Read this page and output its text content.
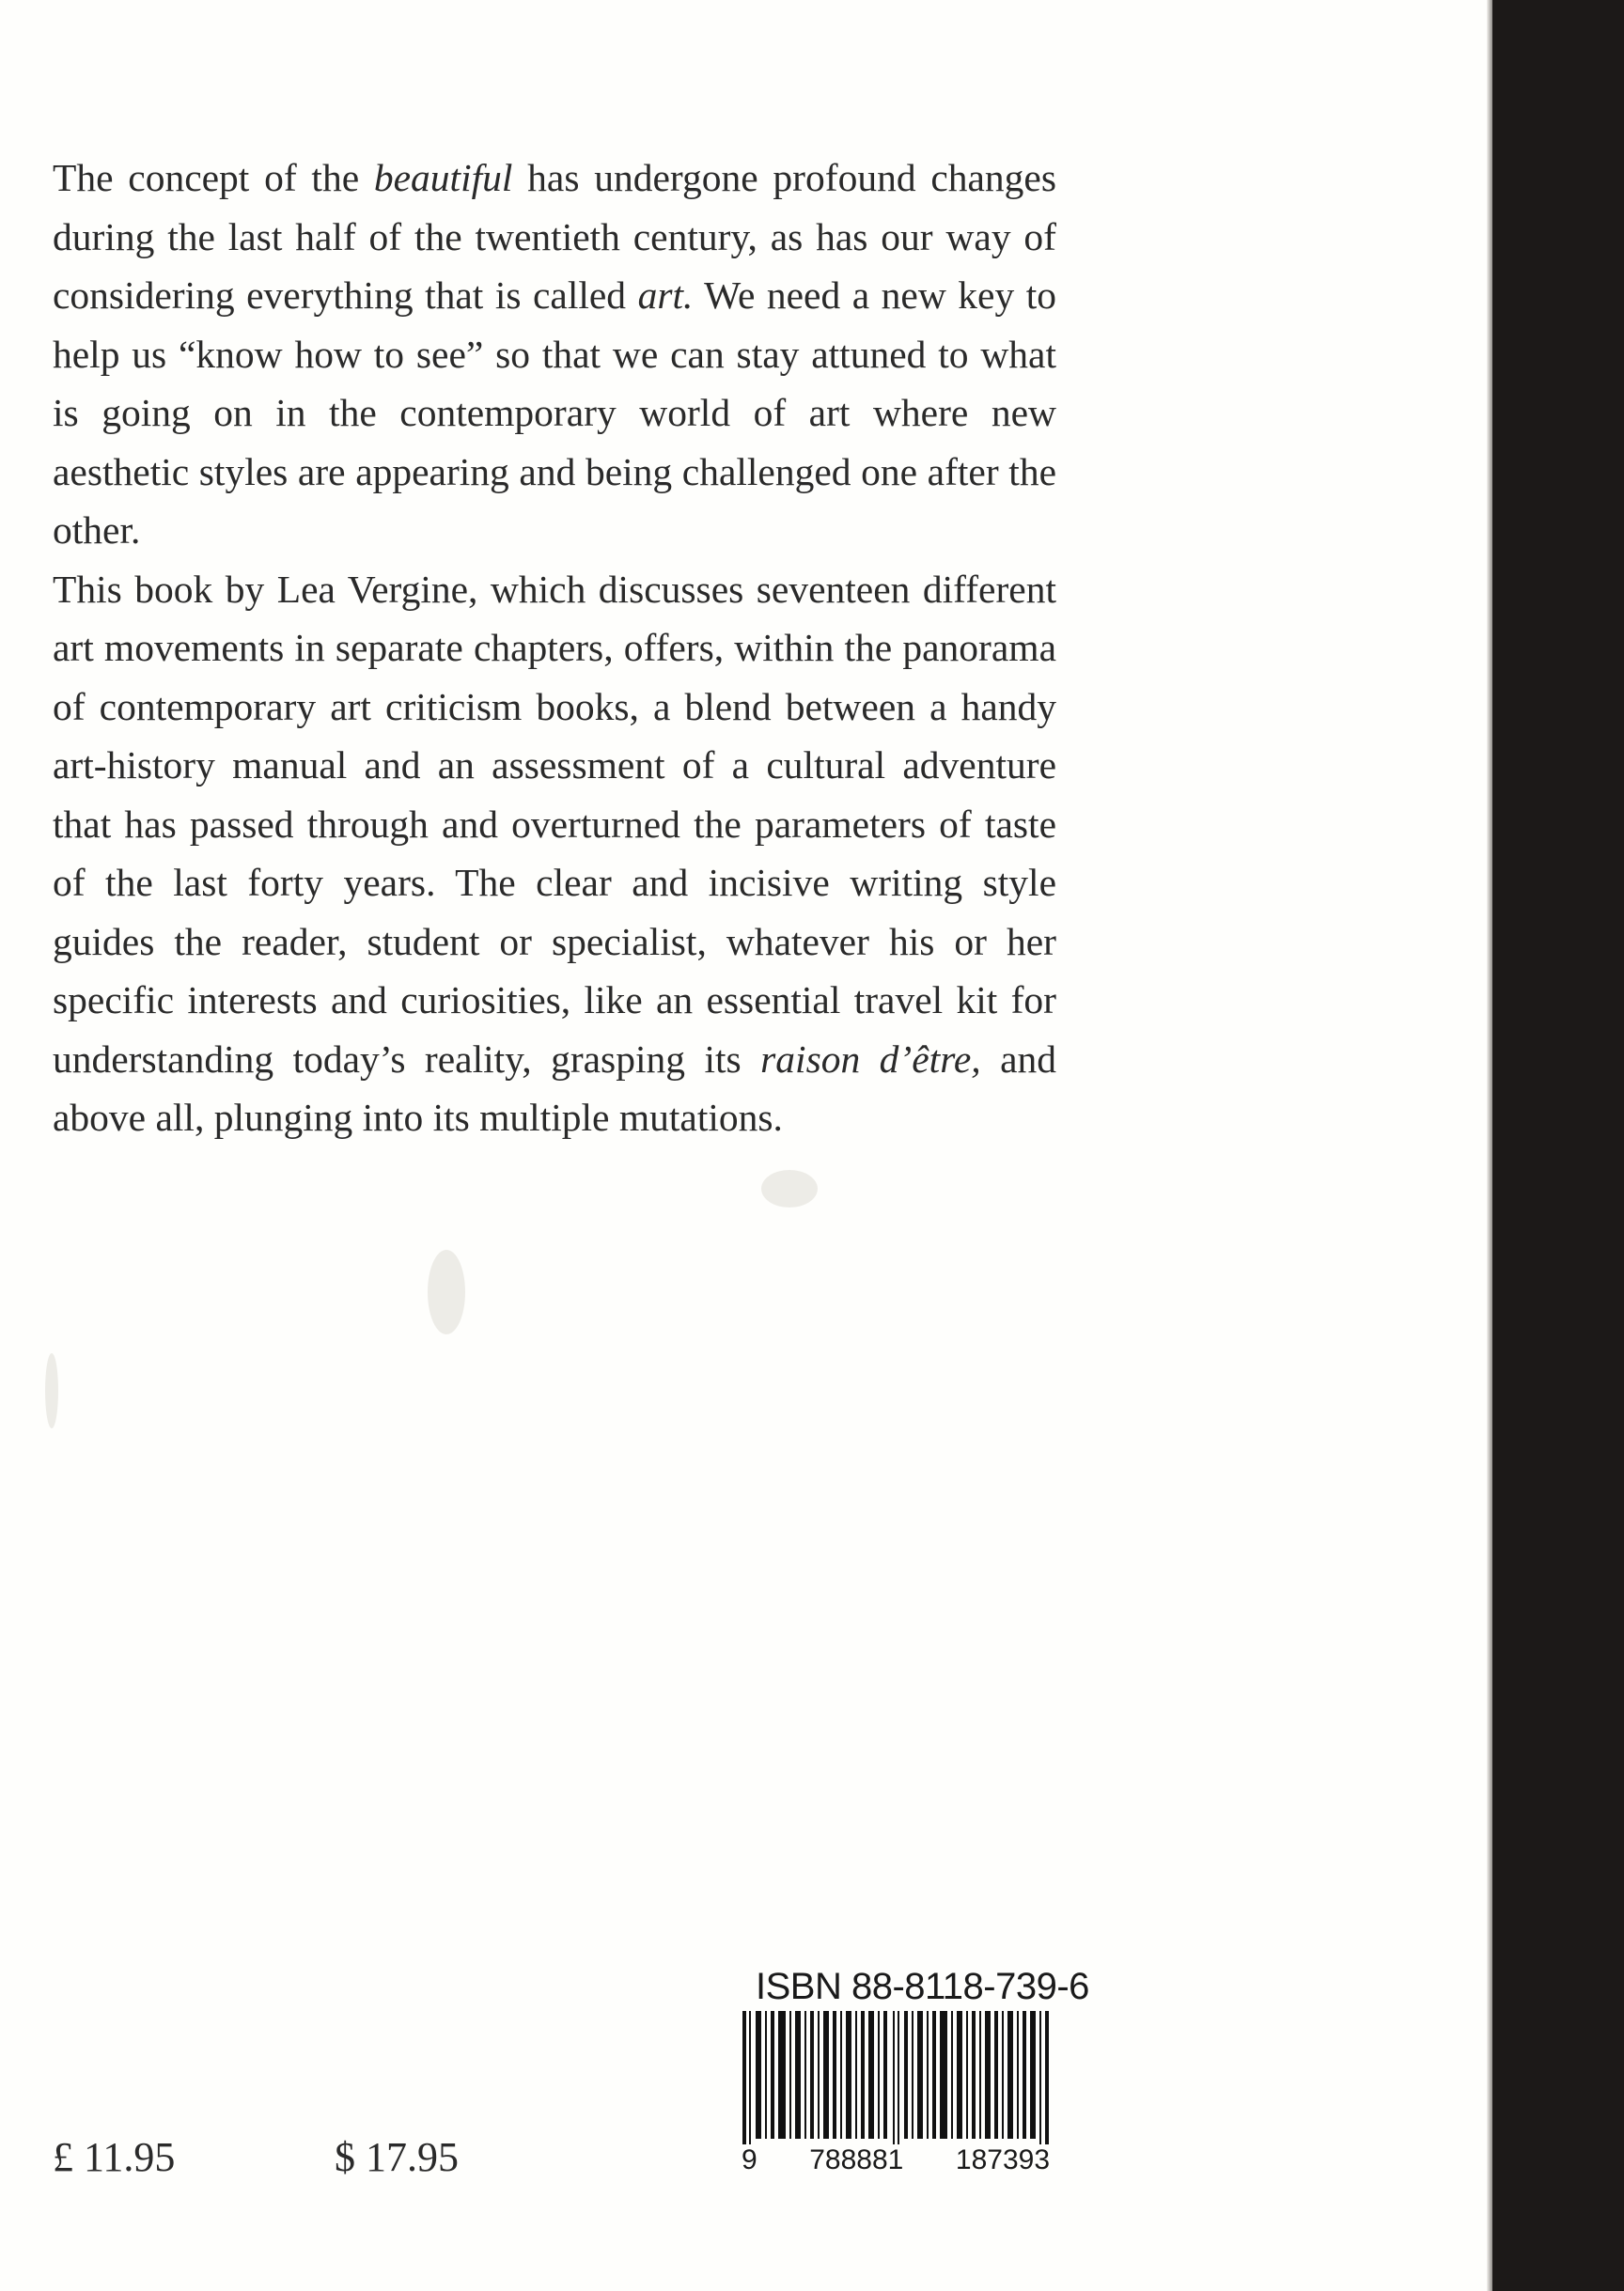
The concept of the beautiful has undergone profound changes during the last half of the twentieth century, as has our way of considering everything that is called art. We need a new key to help us “know how to see” so that we can stay attuned to what is going on in the contemporary world of art where new aesthetic styles are appearing and being challenged one after the other.

This book by Lea Vergine, which discusses seventeen different art movements in separate chapters, offers, within the panorama of contemporary art criticism books, a blend between a handy art-history manual and an assessment of a cultural adventure that has passed through and overturned the parameters of taste of the last forty years. The clear and incisive writing style guides the reader, student or specialist, whatever his or her specific interests and curiosities, like an essential travel kit for understanding today’s reality, grasping its raison d’être, and above all, plunging into its multiple mutations.

£ 11.95	$ 17.95
ISBN 88-8118-739-6
9 788881 187393
